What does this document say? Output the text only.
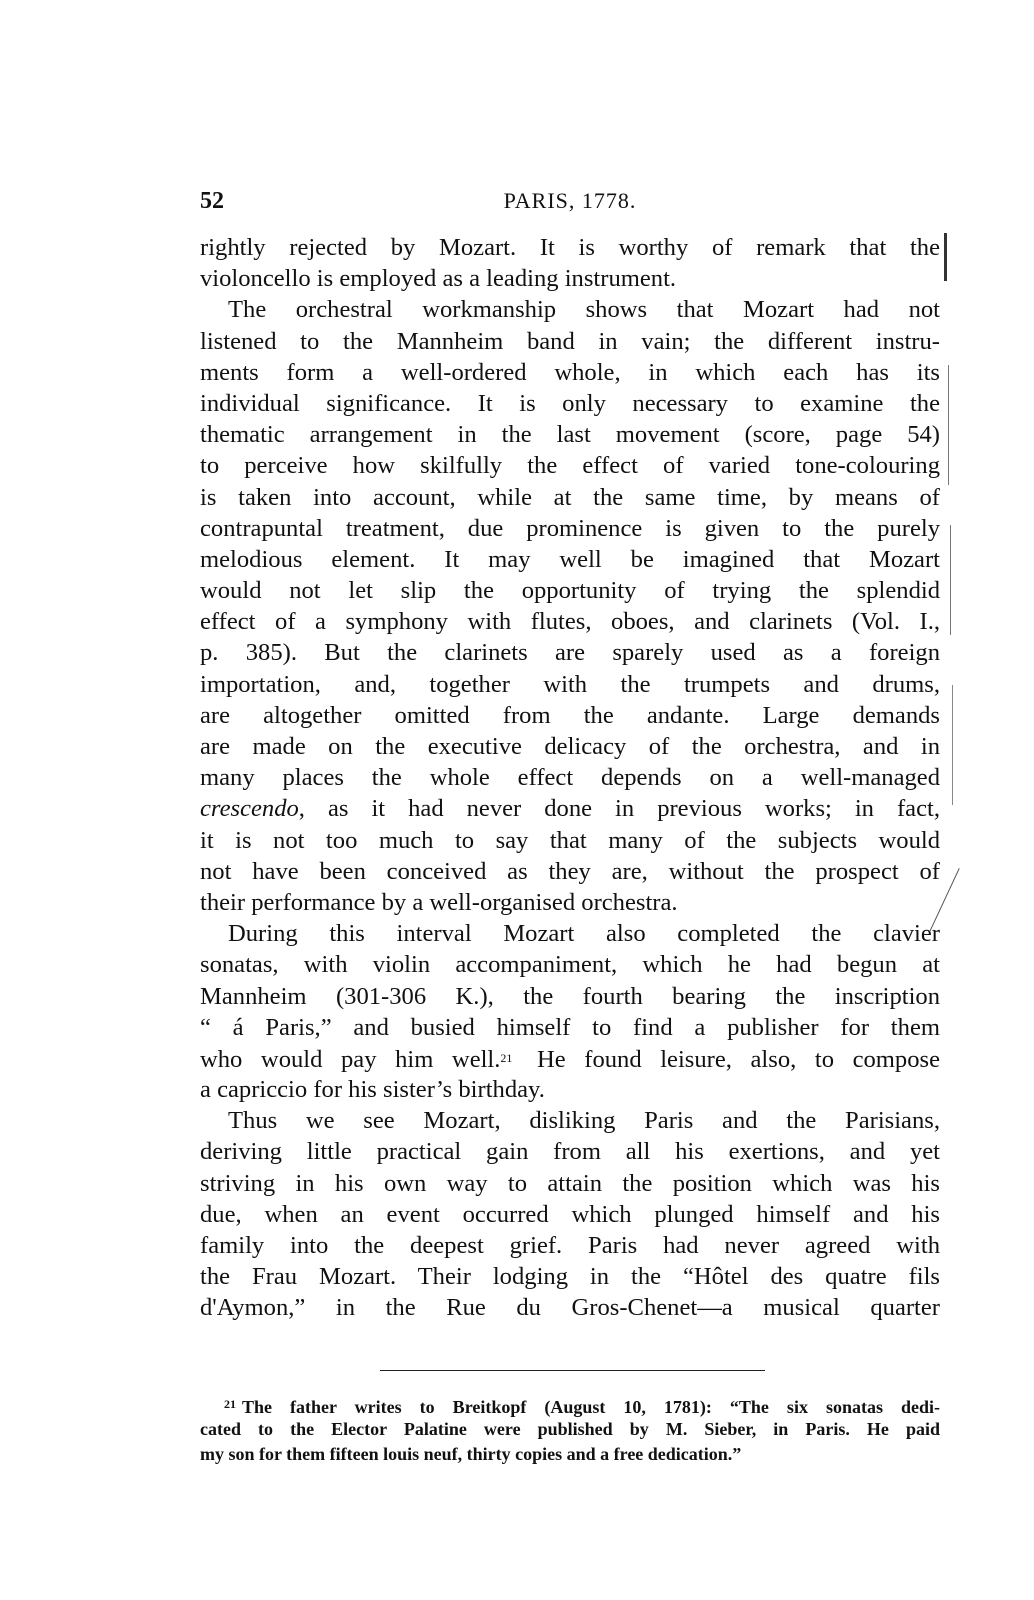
52	PARIS, 1778.
rightly rejected by Mozart. It is worthy of remark that the
violoncello is employed as a leading instrument.
The orchestral workmanship shows that Mozart had not
listened to the Mannheim band in vain; the different instru-
ments form a well-ordered whole, in which each has its
individual significance. It is only necessary to examine the
thematic arrangement in the last movement (score, page 54)
to perceive how skilfully the effect of varied tone-colouring
is taken into account, while at the same time, by means of
contrapuntal treatment, due prominence is given to the purely
melodious element. It may well be imagined that Mozart
would not let slip the opportunity of trying the splendid
effect of a symphony with flutes, oboes, and clarinets (Vol. I.,
p. 385). But the clarinets are sparely used as a foreign
importation, and, together with the trumpets and drums,
are altogether omitted from the andante. Large demands
are made on the executive delicacy of the orchestra, and in
many places the whole effect depends on a well-managed
crescendo, as it had never done in previous works; in fact,
it is not too much to say that many of the subjects would
not have been conceived as they are, without the prospect of
their performance by a well-organised orchestra.
During this interval Mozart also completed the clavier
sonatas, with violin accompaniment, which he had begun at
Mannheim (301-306 K.), the fourth bearing the inscription
“ á Paris,” and busied himself to find a publisher for them
who would pay him well.$^{21}$ He found leisure, also, to compose
a capriccio for his sister’s birthday.
Thus we see Mozart, disliking Paris and the Parisians,
deriving little practical gain from all his exertions, and yet
striving in his own way to attain the position which was his
due, when an event occurred which plunged himself and his
family into the deepest grief. Paris had never agreed with
the Frau Mozart. Their lodging in the “Hôtel des quatre fils
d'Aymon,” in the Rue du Gros-Chenet—a musical quarter
$^{21}$ The father writes to Breitkopf (August 10, 1781): “The six sonatas dedi-
cated to the Elector Palatine were published by M. Sieber, in Paris. He paid
my son for them fifteen louis neuf, thirty copies and a free dedication.”
